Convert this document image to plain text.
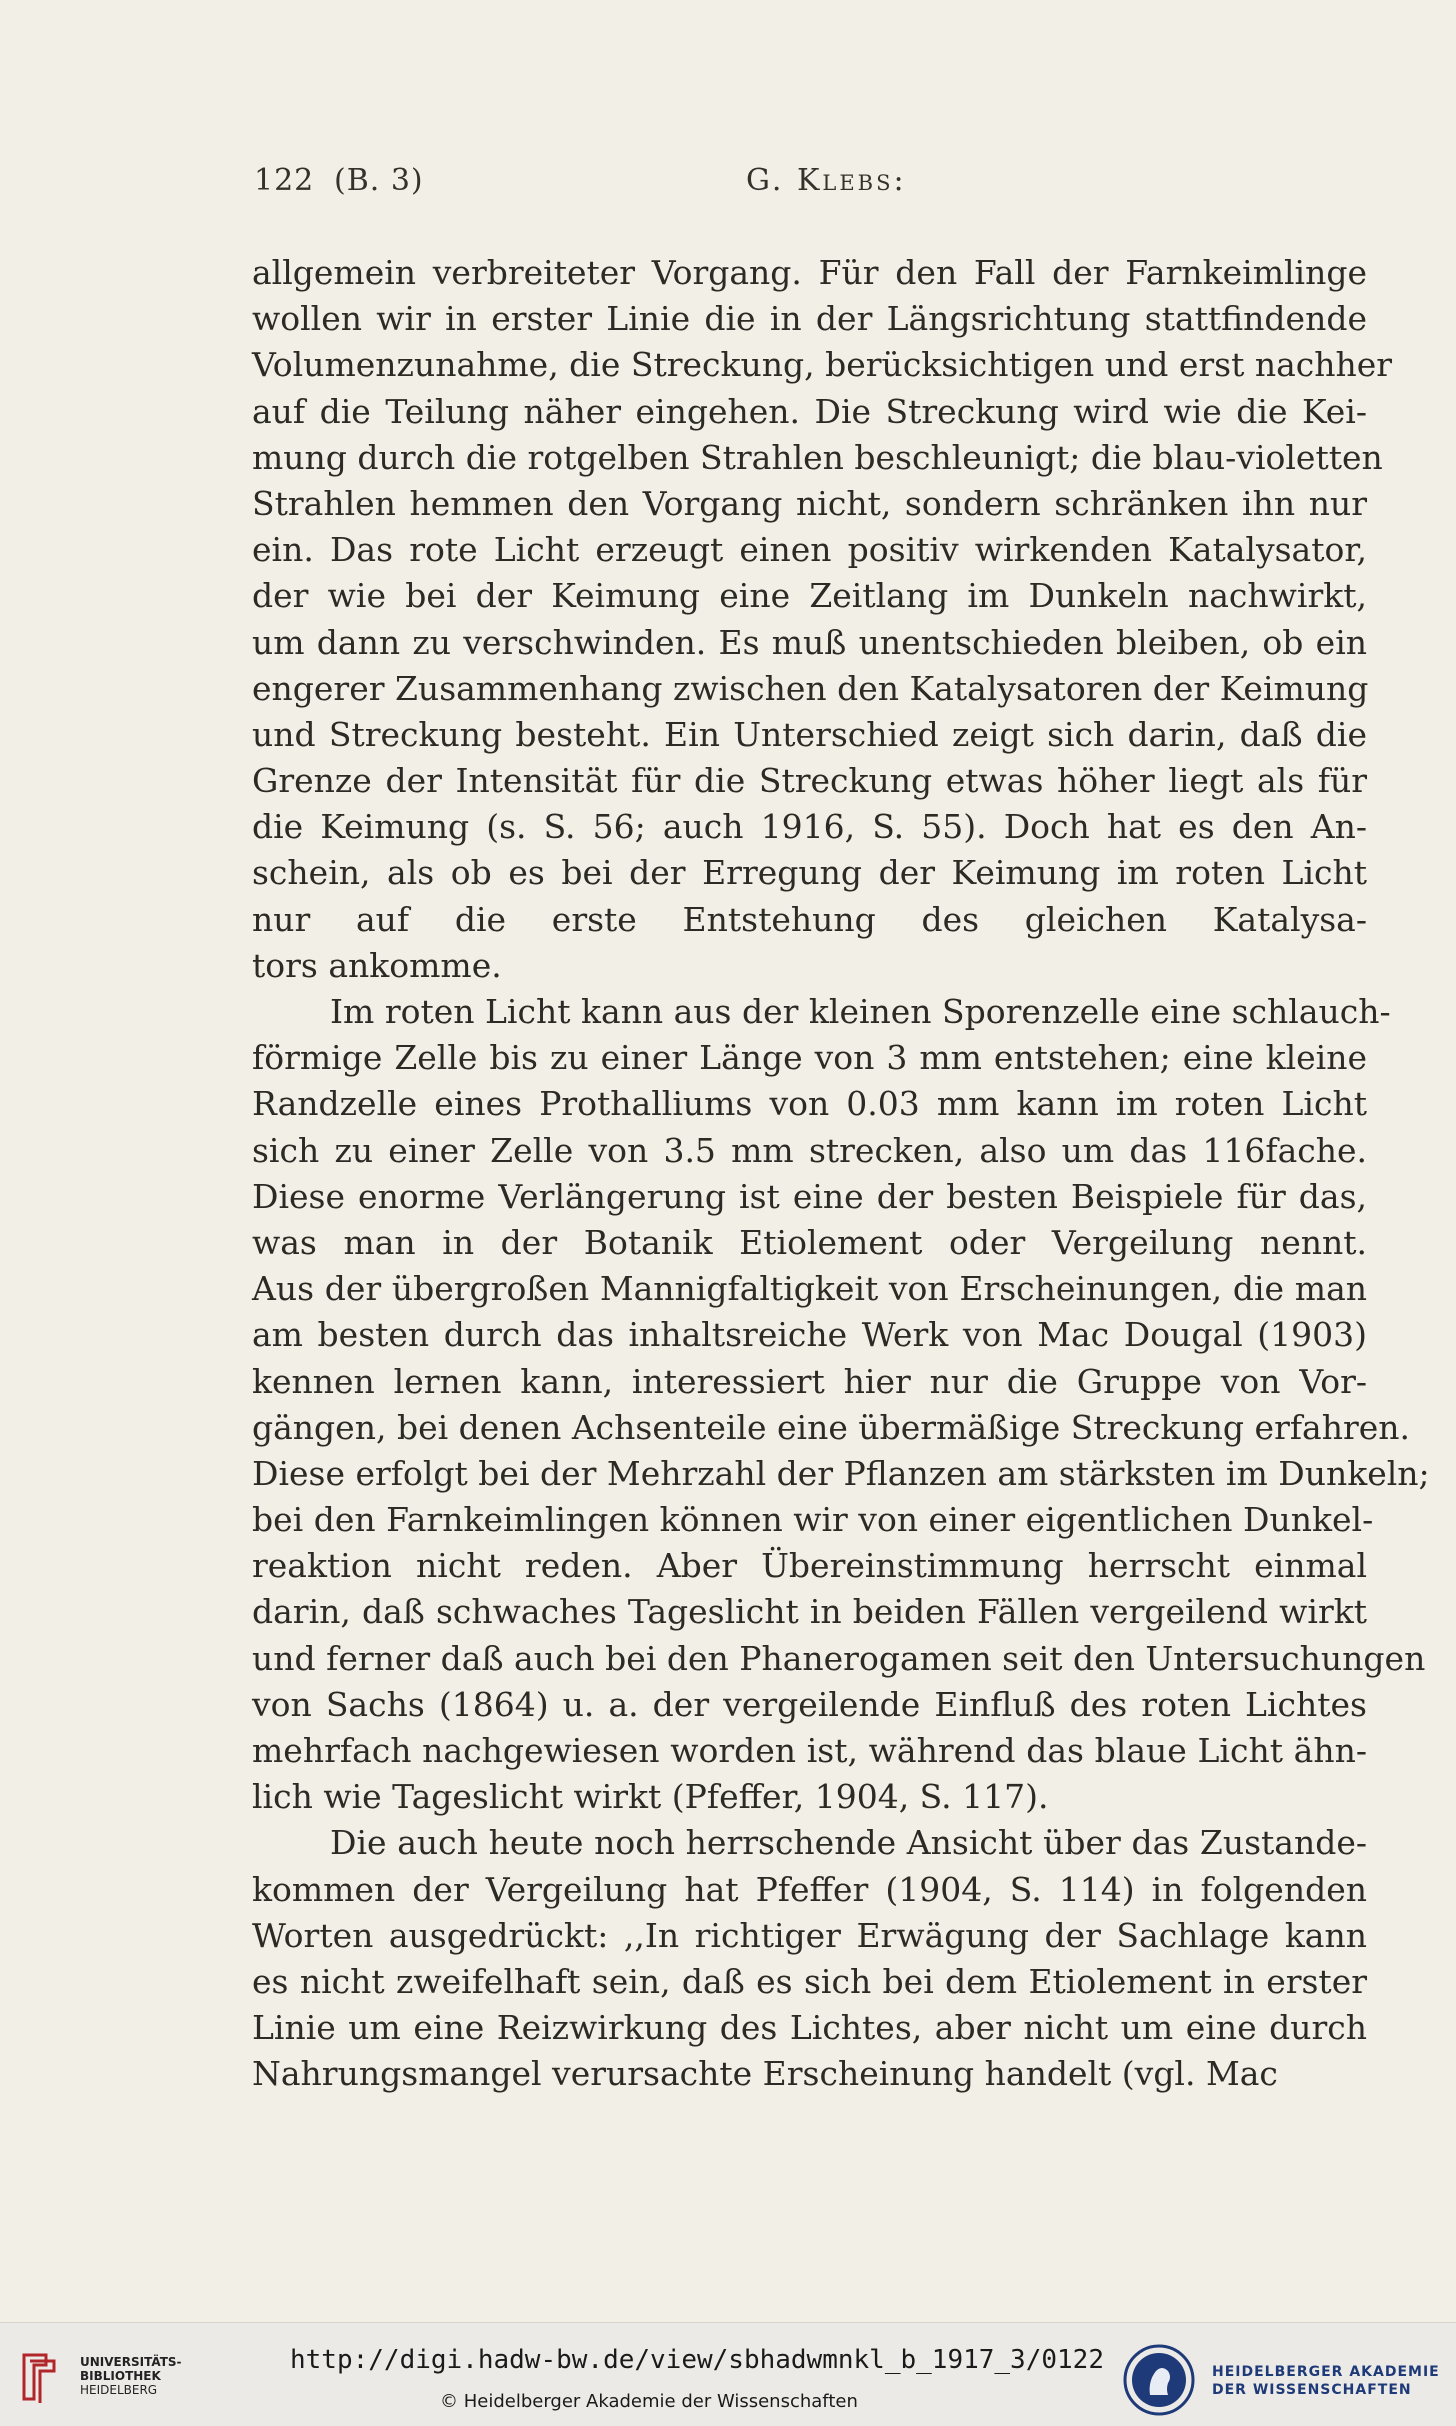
122 (B. 3)	G. Klebs:
allgemein verbreiteter Vorgang. Für den Fall der Farnkeimlinge
wollen wir in erster Linie die in der Längsrichtung stattfindende
Volumenzunahme, die Streckung, berücksichtigen und erst nachher
auf die Teilung näher eingehen. Die Streckung wird wie die Kei-
mung durch die rotgelben Strahlen beschleunigt; die blau-violetten
Strahlen hemmen den Vorgang nicht, sondern schränken ihn nur
ein. Das rote Licht erzeugt einen positiv wirkenden Katalysator,
der wie bei der Keimung eine Zeitlang im Dunkeln nachwirkt,
um dann zu verschwinden. Es muß unentschieden bleiben, ob ein
engerer Zusammenhang zwischen den Katalysatoren der Keimung
und Streckung besteht. Ein Unterschied zeigt sich darin, daß die
Grenze der Intensität für die Streckung etwas höher liegt als für
die Keimung (s. S. 56; auch 1916, S. 55). Doch hat es den An-
schein, als ob es bei der Erregung der Keimung im roten Licht
nur auf die erste Entstehung des gleichen Katalysa-
tors ankomme.
Im roten Licht kann aus der kleinen Sporenzelle eine schlauch-
förmige Zelle bis zu einer Länge von 3 mm entstehen; eine kleine
Randzelle eines Prothalliums von 0.03 mm kann im roten Licht
sich zu einer Zelle von 3.5 mm strecken, also um das 116fache.
Diese enorme Verlängerung ist eine der besten Beispiele für das,
was man in der Botanik Etiolement oder Vergeilung nennt.
Aus der übergroßen Mannigfaltigkeit von Erscheinungen, die man
am besten durch das inhaltsreiche Werk von Mac Dougal (1903)
kennen lernen kann, interessiert hier nur die Gruppe von Vor-
gängen, bei denen Achsenteile eine übermäßige Streckung erfahren.
Diese erfolgt bei der Mehrzahl der Pflanzen am stärksten im Dunkeln;
bei den Farnkeimlingen können wir von einer eigentlichen Dunkel-
reaktion nicht reden. Aber Übereinstimmung herrscht einmal
darin, daß schwaches Tageslicht in beiden Fällen vergeilend wirkt
und ferner daß auch bei den Phanerogamen seit den Untersuchungen
von Sachs (1864) u. a. der vergeilende Einfluß des roten Lichtes
mehrfach nachgewiesen worden ist, während das blaue Licht ähn-
lich wie Tageslicht wirkt (Pfeffer, 1904, S. 117).
Die auch heute noch herrschende Ansicht über das Zustande-
kommen der Vergeilung hat Pfeffer (1904, S. 114) in folgenden
Worten ausgedrückt: ,,In richtiger Erwägung der Sachlage kann
es nicht zweifelhaft sein, daß es sich bei dem Etiolement in erster
Linie um eine Reizwirkung des Lichtes, aber nicht um eine durch
Nahrungsmangel verursachte Erscheinung handelt (vgl. Mac
UNIVERSITÄTS-
BIBLIOTHEK
HEIDELBERG
http://digi.hadw-bw.de/view/sbhadwmnkl_b_1917_3/0122
© Heidelberger Akademie der Wissenschaften
HEIDELBERGER AKADEMIE
DER WISSENSCHAFTEN
